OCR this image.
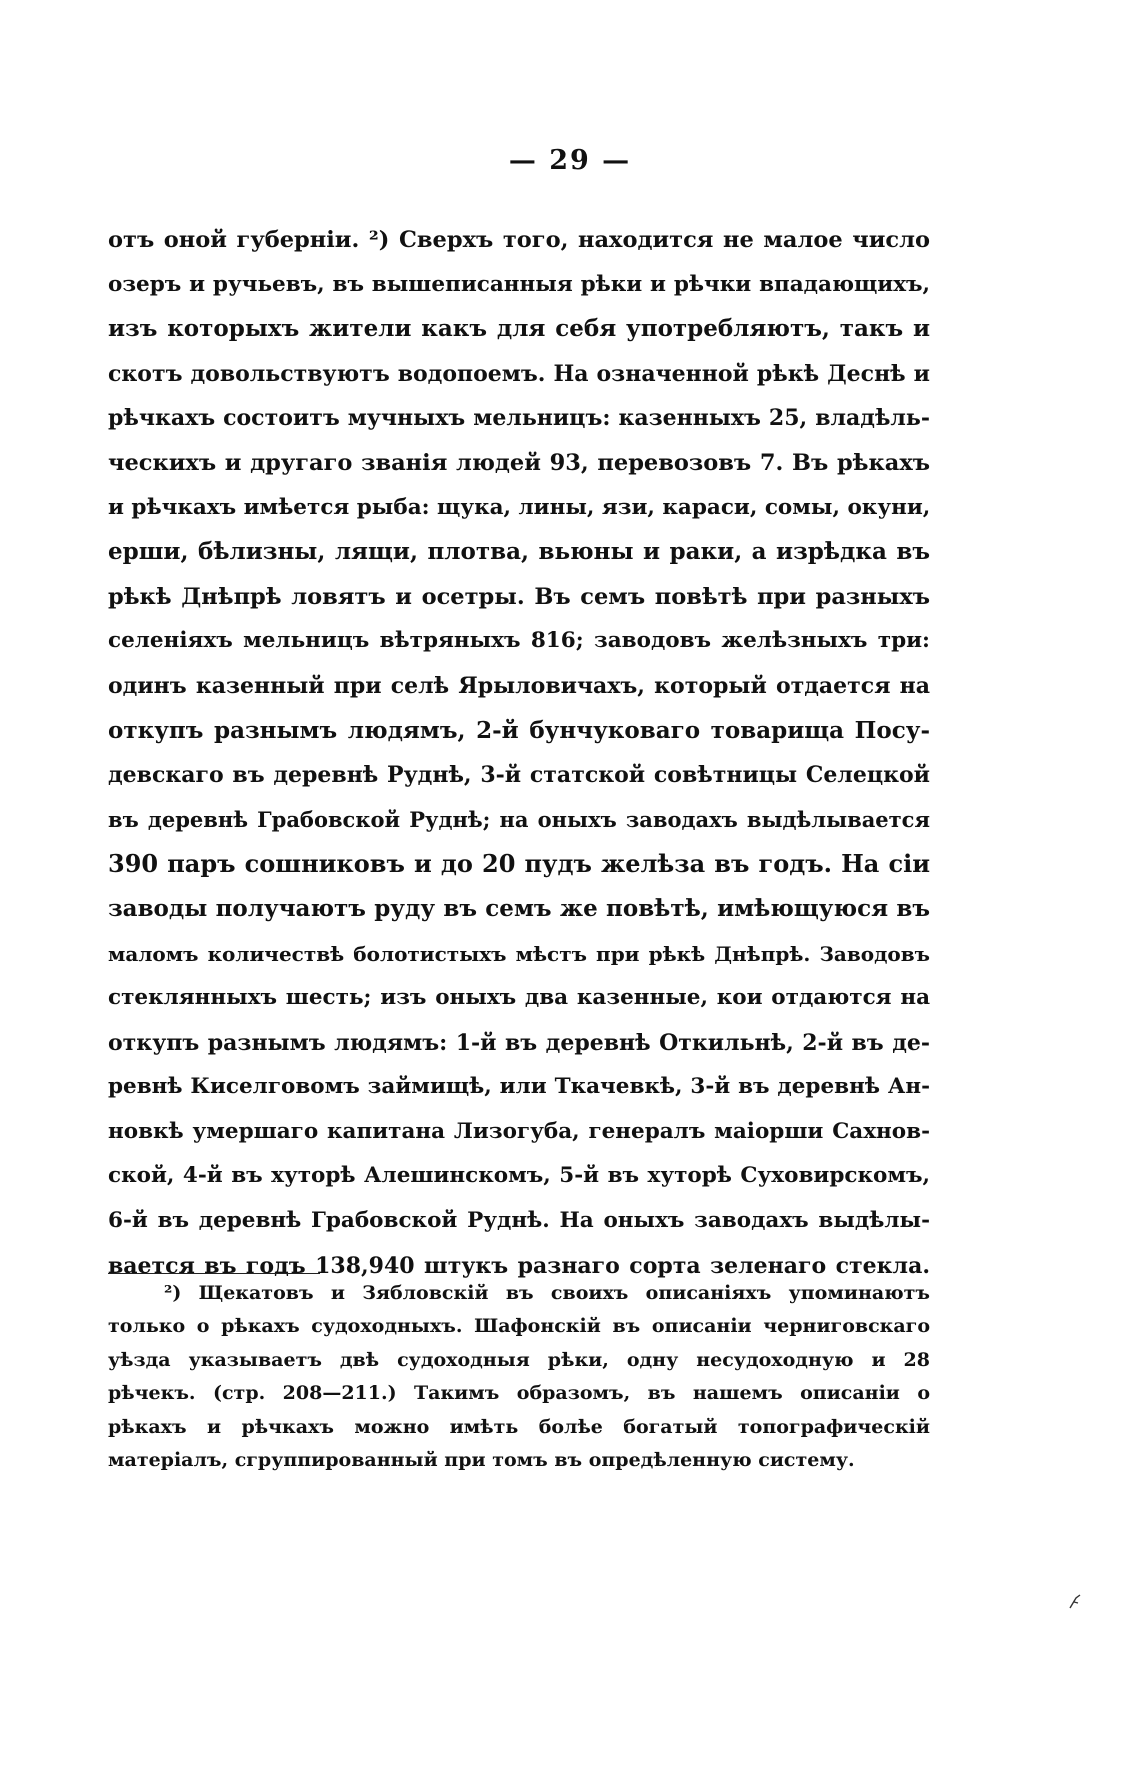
— 29 —
отъ оной губерніи. ²) Сверхъ того, находится не малое число
озеръ и ручьевъ, въ вышеписанныя рѣки и рѣчки впадающихъ,
изъ которыхъ жители какъ для себя употребляютъ, такъ и
скотъ довольствуютъ водопоемъ. На означенной рѣкѣ Деснѣ и
рѣчкахъ состоитъ мучныхъ мельницъ: казенныхъ 25, владѣль-
ческихъ и другаго званія людей 93, перевозовъ 7. Въ рѣкахъ
и рѣчкахъ имѣется рыба: щука, лины, язи, караси, сомы, окуни,
ерши, бѣлизны, лящи, плотва, вьюны и раки, а изрѣдка въ
рѣкѣ Днѣпрѣ ловятъ и осетры. Въ семъ повѣтѣ при разныхъ
селеніяхъ мельницъ вѣтряныхъ 816; заводовъ желѣзныхъ три:
одинъ казенный при селѣ Ярыловичахъ, который отдается на
откупъ разнымъ людямъ, 2-й бунчуковаго товарища Посу-
девскаго въ деревнѣ Руднѣ, 3-й статской совѣтницы Селецкой
въ деревнѣ Грабовской Руднѣ; на оныхъ заводахъ выдѣлывается
390 паръ сошниковъ и до 20 пудъ желѣза въ годъ. На сіи
заводы получаютъ руду въ семъ же повѣтѣ, имѣющуюся въ
маломъ количествѣ болотистыхъ мѣстъ при рѣкѣ Днѣпрѣ. Заводовъ
стеклянныхъ шесть; изъ оныхъ два казенные, кои отдаются на
откупъ разнымъ людямъ: 1-й въ деревнѣ Откильнѣ, 2-й въ де-
ревнѣ Киселговомъ займищѣ, или Ткачевкѣ, 3-й въ деревнѣ Ан-
новкѣ умершаго капитана Лизогуба, генералъ маіорши Сахнов-
ской, 4-й въ хуторѣ Алешинскомъ, 5-й въ хуторѣ Суховирскомъ,
6-й въ деревнѣ Грабовской Руднѣ. На оныхъ заводахъ выдѣлы-
вается въ годъ 138,940 штукъ разнаго сорта зеленаго стекла.
²) Щекатовъ и Зябловскій въ своихъ описаніяхъ упоминаютъ
только о рѣкахъ судоходныхъ. Шафонскій въ описаніи черниговскаго
уѣзда указываетъ двѣ судоходныя рѣки, одну несудоходную и 28
рѣчекъ. (стр. 208—211.) Такимъ образомъ, въ нашемъ описаніи о
рѣкахъ и рѣчкахъ можно имѣть болѣе богатый топографическій
матеріалъ, сгруппированный при томъ въ опредѣленную систему.
